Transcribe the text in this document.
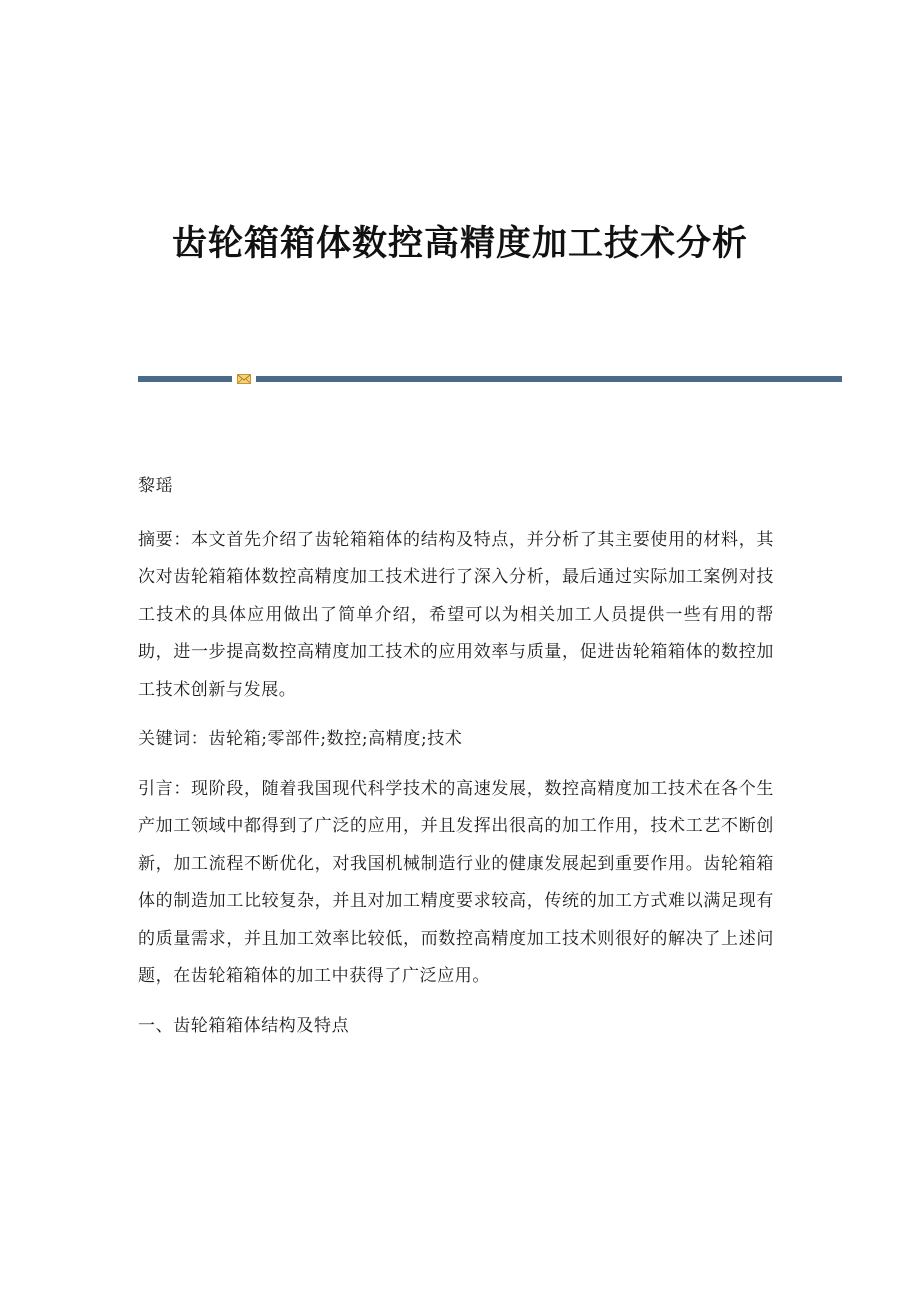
齿轮箱箱体数控高精度加工技术分析

黎瑶

摘要：本文首先介绍了齿轮箱箱体的结构及特点，并分析了其主要使用的材料，其次对齿轮箱箱体数控高精度加工技术进行了深入分析，最后通过实际加工案例对技工技术的具体应用做出了简单介绍，希望可以为相关加工人员提供一些有用的帮助，进一步提高数控高精度加工技术的应用效率与质量，促进齿轮箱箱体的数控加工技术创新与发展。

关键词：齿轮箱;零部件;数控;高精度;技术

引言：现阶段，随着我国现代科学技术的高速发展，数控高精度加工技术在各个生产加工领域中都得到了广泛的应用，并且发挥出很高的加工作用，技术工艺不断创新，加工流程不断优化，对我国机械制造行业的健康发展起到重要作用。齿轮箱箱体的制造加工比较复杂，并且对加工精度要求较高，传统的加工方式难以满足现有的质量需求，并且加工效率比较低，而数控高精度加工技术则很好的解决了上述问题，在齿轮箱箱体的加工中获得了广泛应用。

一、齿轮箱箱体结构及特点
